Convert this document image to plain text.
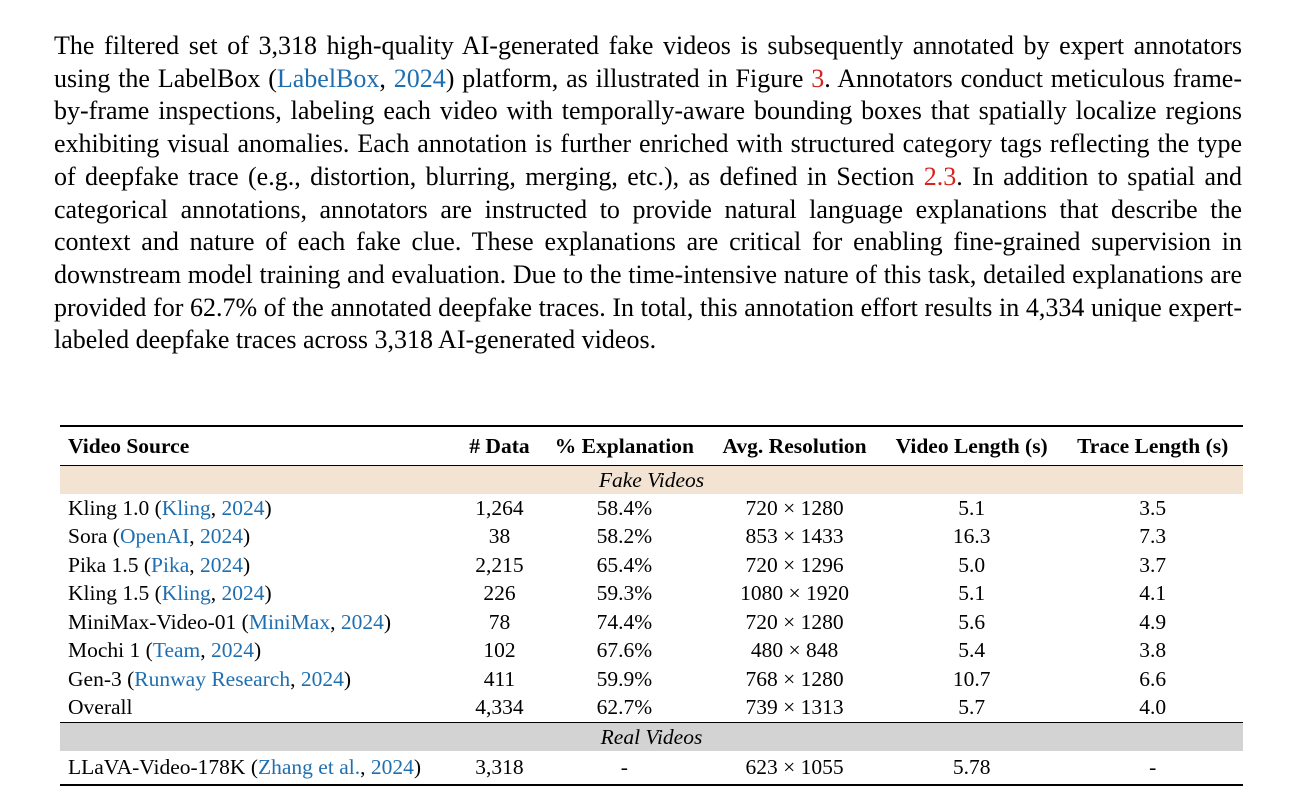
The filtered set of 3,318 high-quality AI-generated fake videos is subsequently annotated by expert annotators using the LabelBox (LabelBox, 2024) platform, as illustrated in Figure 3. Annotators conduct meticulous frame-by-frame inspections, labeling each video with temporally-aware bounding boxes that spatially localize regions exhibiting visual anomalies. Each annotation is further enriched with structured category tags reflecting the type of deepfake trace (e.g., distortion, blurring, merging, etc.), as defined in Section 2.3. In addition to spatial and categorical annotations, annotators are instructed to provide natural language explanations that describe the context and nature of each fake clue. These explanations are critical for enabling fine-grained supervision in downstream model training and evaluation. Due to the time-intensive nature of this task, detailed explanations are provided for 62.7% of the annotated deepfake traces. In total, this annotation effort results in 4,334 unique expert-labeled deepfake traces across 3,318 AI-generated videos.

Video Source	# Data	% Explanation	Avg. Resolution	Video Length (s)	Trace Length (s)
Fake Videos					
Kling 1.0 (Kling, 2024)	1,264	58.4%	720 × 1280	5.1	3.5
Sora (OpenAI, 2024)	38	58.2%	853 × 1433	16.3	7.3
Pika 1.5 (Pika, 2024)	2,215	65.4%	720 × 1296	5.0	3.7
Kling 1.5 (Kling, 2024)	226	59.3%	1080 × 1920	5.1	4.1
MiniMax-Video-01 (MiniMax, 2024)	78	74.4%	720 × 1280	5.6	4.9
Mochi 1 (Team, 2024)	102	67.6%	480 × 848	5.4	3.8
Gen-3 (Runway Research, 2024)	411	59.9%	768 × 1280	10.7	6.6
Overall	4,334	62.7%	739 × 1313	5.7	4.0
Real Videos					
LLaVA-Video-178K (Zhang et al., 2024)	3,318	-	623 × 1055	5.78	-
